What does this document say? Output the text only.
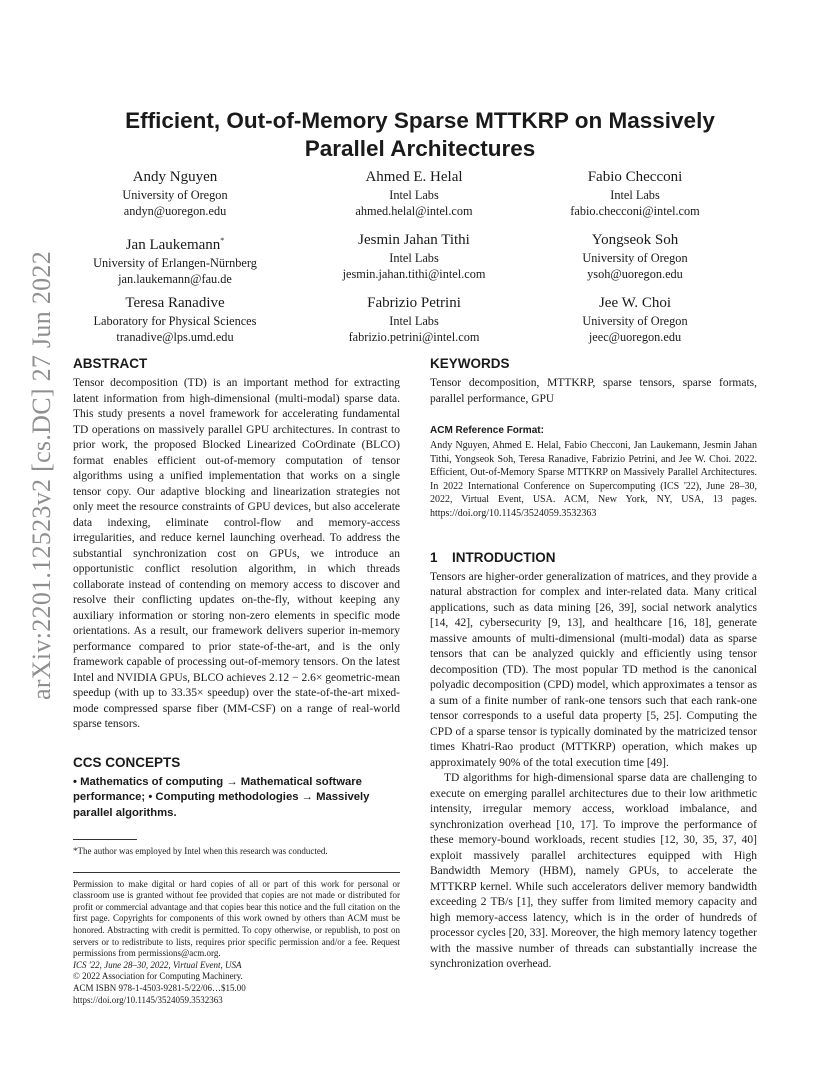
arXiv:2201.12523v2 [cs.DC] 27 Jun 2022
Efficient, Out-of-Memory Sparse MTTKRP on Massively Parallel Architectures
Andy Nguyen
University of Oregon
andyn@uoregon.edu
Ahmed E. Helal
Intel Labs
ahmed.helal@intel.com
Fabio Checconi
Intel Labs
fabio.checconi@intel.com
Jan Laukemann*
University of Erlangen-Nürnberg
jan.laukemann@fau.de
Jesmin Jahan Tithi
Intel Labs
jesmin.jahan.tithi@intel.com
Yongseok Soh
University of Oregon
ysoh@uoregon.edu
Teresa Ranadive
Laboratory for Physical Sciences
tranadive@lps.umd.edu
Fabrizio Petrini
Intel Labs
fabrizio.petrini@intel.com
Jee W. Choi
University of Oregon
jeec@uoregon.edu
ABSTRACT

Tensor decomposition (TD) is an important method for extracting latent information from high-dimensional (multi-modal) sparse data. This study presents a novel framework for accelerating fundamental TD operations on massively parallel GPU architectures. In contrast to prior work, the proposed Blocked Linearized CoOrdinate (BLCO) format enables efficient out-of-memory computation of tensor algorithms using a unified implementation that works on a single tensor copy. Our adaptive blocking and linearization strategies not only meet the resource constraints of GPU devices, but also accelerate data indexing, eliminate control-flow and memory-access irregularities, and reduce kernel launching overhead. To address the substantial synchronization cost on GPUs, we introduce an opportunistic conflict resolution algorithm, in which threads collaborate instead of contending on memory access to discover and resolve their conflicting updates on-the-fly, without keeping any auxiliary information or storing non-zero elements in specific mode orientations. As a result, our framework delivers superior in-memory performance compared to prior state-of-the-art, and is the only framework capable of processing out-of-memory tensors. On the latest Intel and NVIDIA GPUs, BLCO achieves 2.12 − 2.6× geometric-mean speedup (with up to 33.35× speedup) over the state-of-the-art mixed-mode compressed sparse fiber (MM-CSF) on a range of real-world sparse tensors.

CCS CONCEPTS

• Mathematics of computing → Mathematical software performance; • Computing methodologies → Massively parallel algorithms.

*The author was employed by Intel when this research was conducted.

Permission to make digital or hard copies of all or part of this work for personal or classroom use is granted without fee provided that copies are not made or distributed for profit or commercial advantage and that copies bear this notice and the full citation on the first page. Copyrights for components of this work owned by others than ACM must be honored. Abstracting with credit is permitted. To copy otherwise, or republish, to post on servers or to redistribute to lists, requires prior specific permission and/or a fee. Request permissions from permissions@acm.org.

ICS '22, June 28–30, 2022, Virtual Event, USA

© 2022 Association for Computing Machinery.

ACM ISBN 978-1-4503-9281-5/22/06…$15.00

https://doi.org/10.1145/3524059.3532363

KEYWORDS

Tensor decomposition, MTTKRP, sparse tensors, sparse formats, parallel performance, GPU

ACM Reference Format:

Andy Nguyen, Ahmed E. Helal, Fabio Checconi, Jan Laukemann, Jesmin Jahan Tithi, Yongseok Soh, Teresa Ranadive, Fabrizio Petrini, and Jee W. Choi. 2022. Efficient, Out-of-Memory Sparse MTTKRP on Massively Parallel Architectures. In 2022 International Conference on Supercomputing (ICS '22), June 28–30, 2022, Virtual Event, USA. ACM, New York, NY, USA, 13 pages. https://doi.org/10.1145/3524059.3532363

1 INTRODUCTION

Tensors are higher-order generalization of matrices, and they provide a natural abstraction for complex and inter-related data. Many critical applications, such as data mining [26, 39], social network analytics [14, 42], cybersecurity [9, 13], and healthcare [16, 18], generate massive amounts of multi-dimensional (multi-modal) data as sparse tensors that can be analyzed quickly and efficiently using tensor decomposition (TD). The most popular TD method is the canonical polyadic decomposition (CPD) model, which approximates a tensor as a sum of a finite number of rank-one tensors such that each rank-one tensor corresponds to a useful data property [5, 25]. Computing the CPD of a sparse tensor is typically dominated by the matricized tensor times Khatri-Rao product (MTTKRP) operation, which makes up approximately 90% of the total execution time [49].

TD algorithms for high-dimensional sparse data are challenging to execute on emerging parallel architectures due to their low arithmetic intensity, irregular memory access, workload imbalance, and synchronization overhead [10, 17]. To improve the performance of these memory-bound workloads, recent studies [12, 30, 35, 37, 40] exploit massively parallel architectures equipped with High Bandwidth Memory (HBM), namely GPUs, to accelerate the MTTKRP kernel. While such accelerators deliver memory bandwidth exceeding 2 TB/s [1], they suffer from limited memory capacity and high memory-access latency, which is in the order of hundreds of processor cycles [20, 33]. Moreover, the high memory latency together with the massive number of threads can substantially increase the synchronization overhead.
